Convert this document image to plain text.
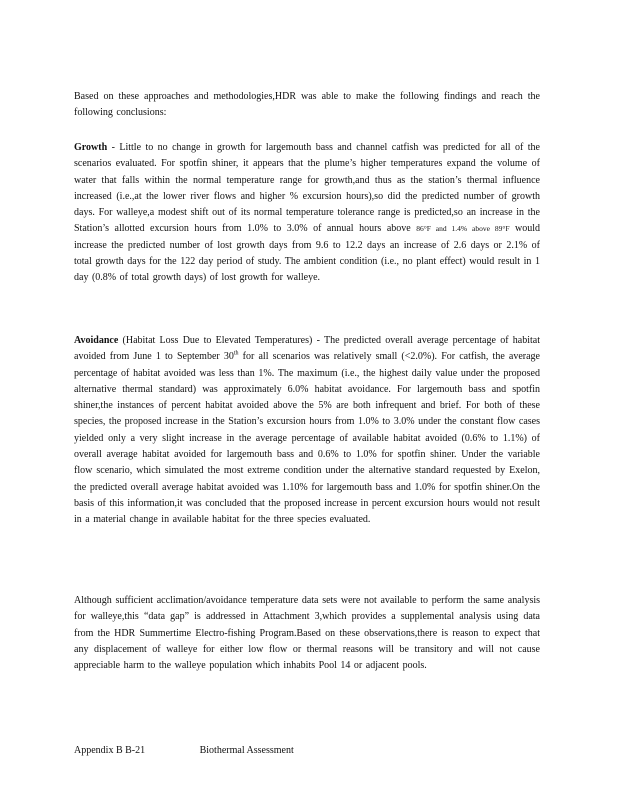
Based on these approaches and methodologies,HDR was able to make the following findings and reach the following conclusions:

Growth - Little to no change in growth for largemouth bass and channel catfish was predicted for all of the scenarios evaluated. For spotfin shiner, it appears that the plume’s higher temperatures expand the volume of water that falls within the normal temperature range for growth,and thus as the station’s thermal influence increased (i.e.,at the lower river flows and higher % excursion hours),so did the predicted number of growth days. For walleye,a modest shift out of its normal temperature tolerance range is predicted,so an increase in the Station’s allotted excursion hours from 1.0% to 3.0% of annual hours above 86°F and 1.4% above 89°F would increase the predicted number of lost growth days from 9.6 to 12.2 days an increase of 2.6 days or 2.1% of total growth days for the 122 day period of study. The ambient condition (i.e., no plant effect) would result in 1 day (0.8% of total growth days) of lost growth for walleye.

Avoidance (Habitat Loss Due to Elevated Temperatures) - The predicted overall average percentage of habitat avoided from June 1 to September 30th for all scenarios was relatively small (<2.0%). For catfish, the average percentage of habitat avoided was less than 1%. The maximum (i.e., the highest daily value under the proposed alternative thermal standard) was approximately 6.0% habitat avoidance. For largemouth bass and spotfin shiner,the instances of percent habitat avoided above the 5% are both infrequent and brief. For both of these species, the proposed increase in the Station’s excursion hours from 1.0% to 3.0% under the constant flow cases yielded only a very slight increase in the average percentage of available habitat avoided (0.6% to 1.1%) of overall average habitat avoided for largemouth bass and 0.6% to 1.0% for spotfin shiner. Under the variable flow scenario, which simulated the most extreme condition under the alternative standard requested by Exelon, the predicted overall average habitat avoided was 1.10% for largemouth bass and 1.0% for spotfin shiner.On the basis of this information,it was concluded that the proposed increase in percent excursion hours would not result in a material change in available habitat for the three species evaluated.

Although sufficient acclimation/avoidance temperature data sets were not available to perform the same analysis for walleye,this “data gap” is addressed in Attachment 3,which provides a supplemental analysis using data from the HDR Summertime Electro-fishing Program.Based on these observations,there is reason to expect that any displacement of walleye for either low flow or thermal reasons will be transitory and will not cause appreciable harm to the walleye population which inhabits Pool 14 or adjacent pools.

Appendix B B-21	Biothermal Assessment
